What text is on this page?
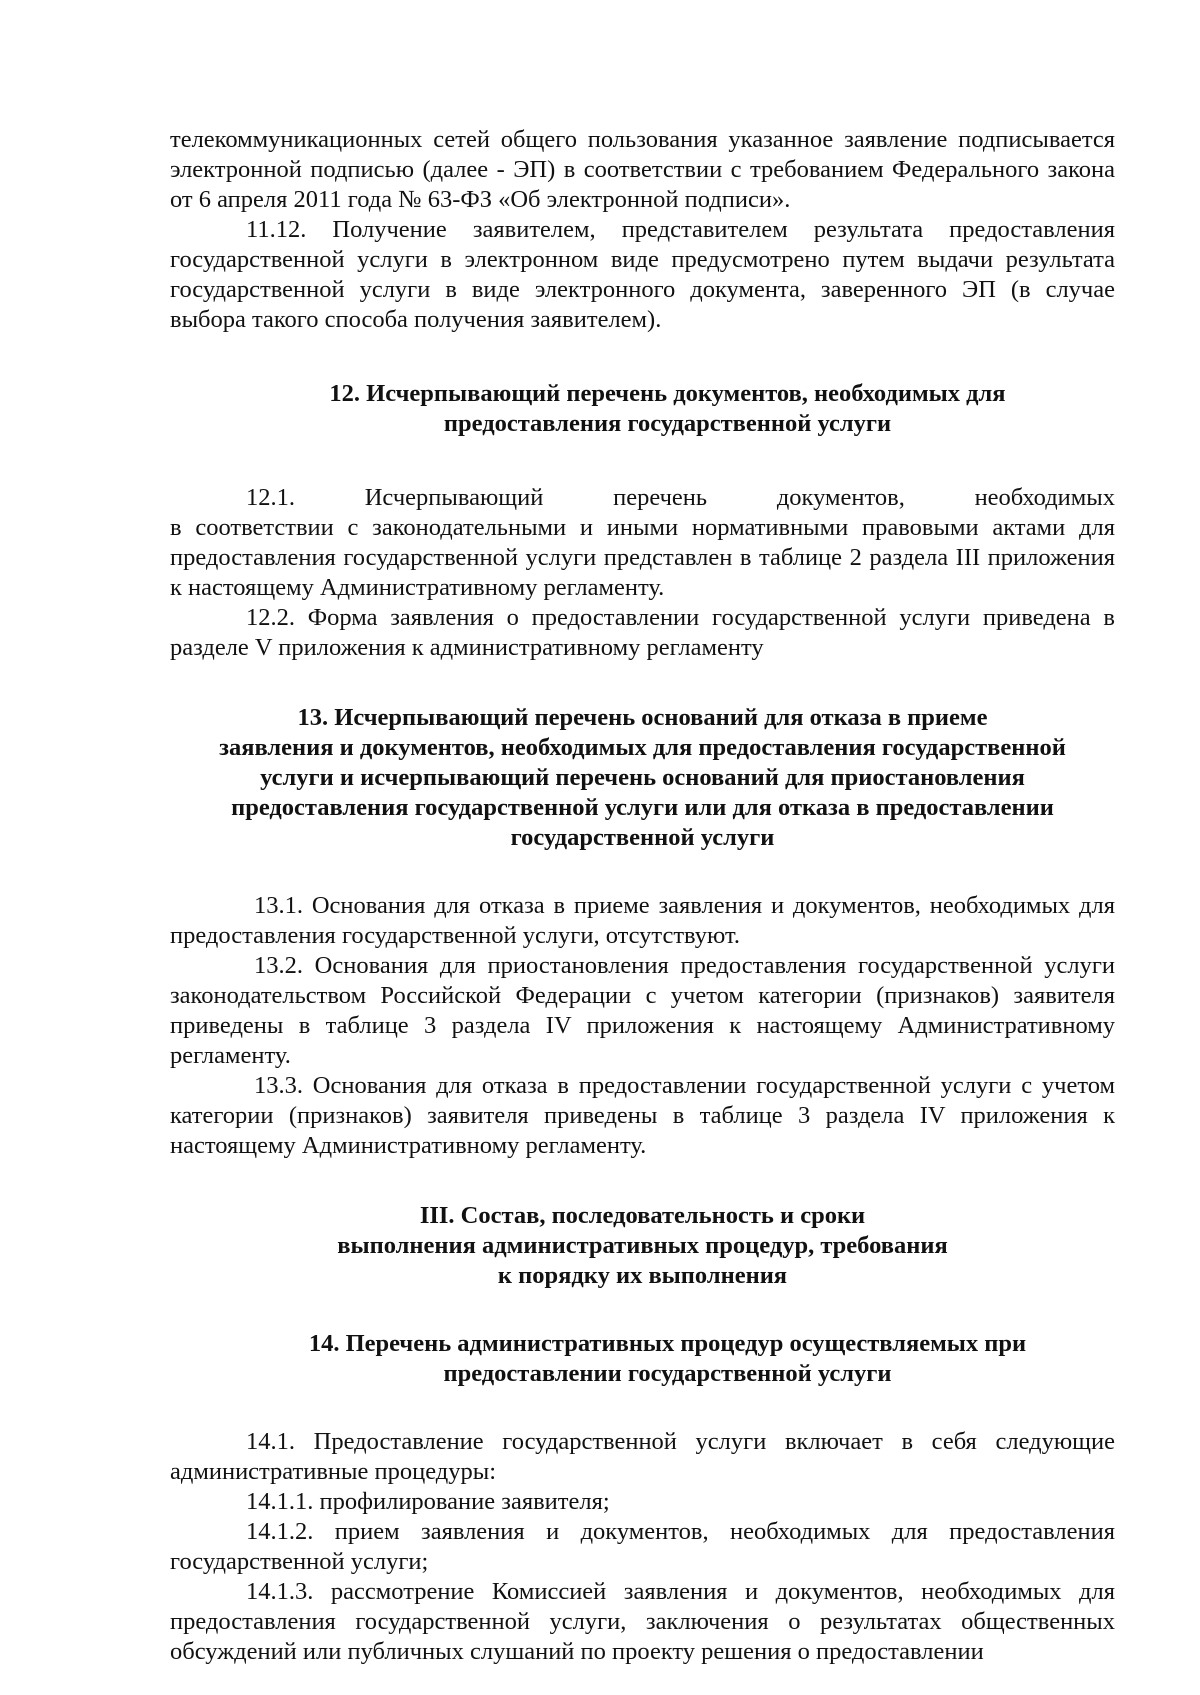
телекоммуникационных сетей общего пользования указанное заявление подписывается электронной подписью (далее - ЭП) в соответствии с требованием Федерального закона от 6 апреля 2011 года № 63-ФЗ «Об электронной подписи».

11.12. Получение заявителем, представителем результата предоставления государственной услуги в электронном виде предусмотрено путем выдачи результата государственной услуги в виде электронного документа, заверенного ЭП (в случае выбора такого способа получения заявителем).

12. Исчерпывающий перечень документов, необходимых для
предоставления государственной услуги

12.1. Исчерпывающий перечень документов, необходимых

в соответствии с законодательными и иными нормативными правовыми актами для предоставления государственной услуги представлен в таблице 2 раздела III приложения к настоящему Административному регламенту.

12.2. Форма заявления о предоставлении государственной услуги приведена в разделе V приложения к административному регламенту

13. Исчерпывающий перечень оснований для отказа в приеме
заявления и документов, необходимых для предоставления государственной
услуги и исчерпывающий перечень оснований для приостановления
предоставления государственной услуги или для отказа в предоставлении
государственной услуги

13.1. Основания для отказа в приеме заявления и документов, необходимых для предоставления государственной услуги, отсутствуют.

13.2. Основания для приостановления предоставления государственной услуги законодательством Российской Федерации с учетом категории (признаков) заявителя приведены в таблице 3 раздела IV приложения к настоящему Административному регламенту.

13.3. Основания для отказа в предоставлении государственной услуги с учетом категории (признаков) заявителя приведены в таблице 3 раздела IV приложения к настоящему Административному регламенту.

III. Состав, последовательность и сроки
выполнения административных процедур, требования
к порядку их выполнения
14. Перечень административных процедур осуществляемых при
предоставлении государственной услуги

14.1. Предоставление государственной услуги включает в себя следующие административные процедуры:

14.1.1. профилирование заявителя;

14.1.2. прием заявления и документов, необходимых для предоставления государственной услуги;

14.1.3. рассмотрение Комиссией заявления и документов, необходимых для предоставления государственной услуги, заключения о результатах общественных обсуждений или публичных слушаний по проекту решения о предоставлении
